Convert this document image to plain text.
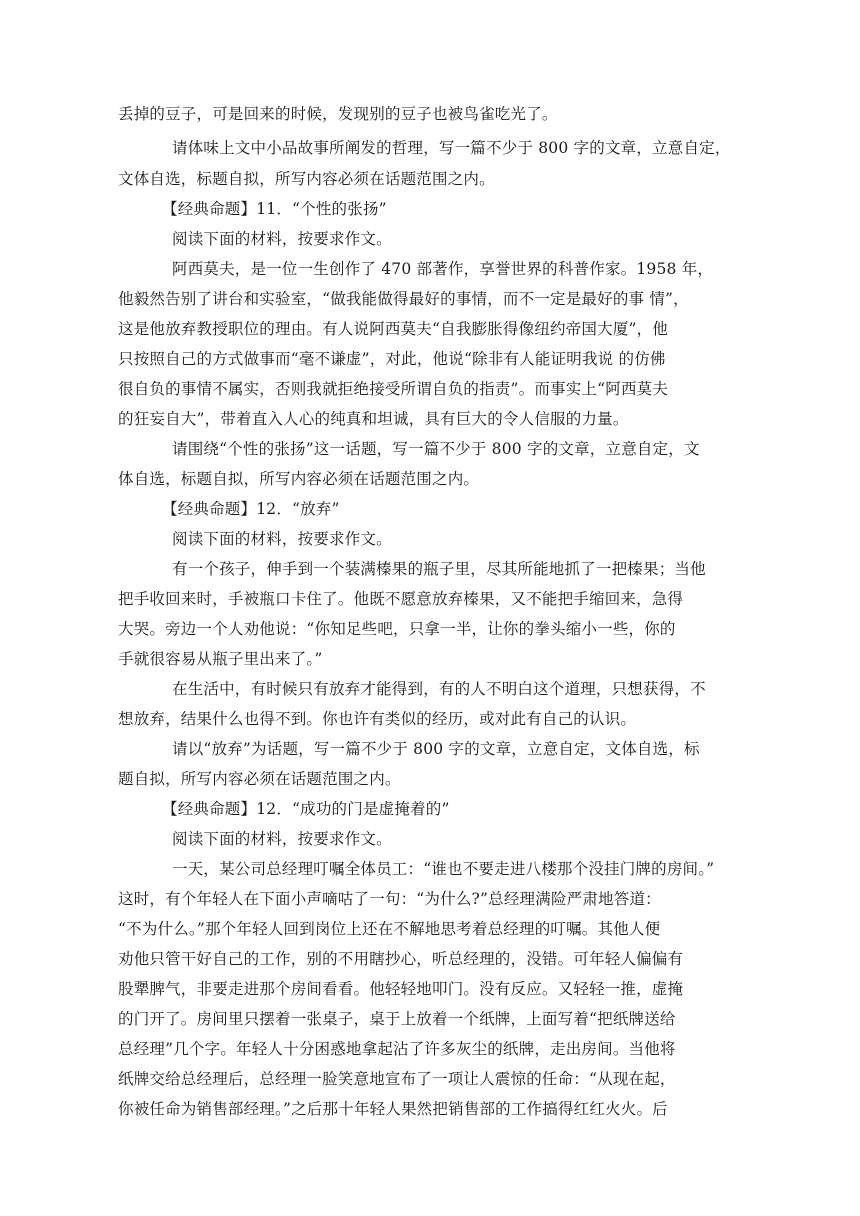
丢掉的豆子，可是回来的时候，发现别的豆子也被鸟雀吃光了。
请体味上文中小品故事所阐发的哲理，写一篇不少于 800 字的文章，立意自定，
文体自选，标题自拟，所写内容必须在话题范围之内。
【经典命题】11．“个性的张扬”
阅读下面的材料，按要求作文。
阿西莫夫，是一位一生创作了 470 部著作，享誉世界的科普作家。1958 年，
他毅然告别了讲台和实验室，“做我能做得最好的事情，而不一定是最好的事 情”，
这是他放弃教授职位的理由。有人说阿西莫夫“自我膨胀得像纽约帝国大厦”，他
只按照自己的方式做事而“毫不谦虚”，对此，他说“除非有人能证明我说 的仿佛
很自负的事情不属实，否则我就拒绝接受所谓自负的指责”。而事实上“阿西莫夫
的狂妄自大”，带着直入人心的纯真和坦诚，具有巨大的令人信服的力量。
请围绕“个性的张扬”这一话题，写一篇不少于 800 字的文章，立意自定，文
体自选，标题自拟，所写内容必须在话题范围之内。
【经典命题】12．“放弃”
阅读下面的材料，按要求作文。
有一个孩子，伸手到一个装满榛果的瓶子里，尽其所能地抓了一把榛果；当他
把手收回来时，手被瓶口卡住了。他既不愿意放弃榛果，又不能把手缩回来，急得
大哭。旁边一个人劝他说：“你知足些吧，只拿一半，让你的拳头缩小一些，你的
手就很容易从瓶子里出来了。”
在生活中，有时候只有放弃才能得到，有的人不明白这个道理，只想获得，不
想放弃，结果什么也得不到。你也许有类似的经历，或对此有自己的认识。
请以“放弃”为话题，写一篇不少于 800 字的文章，立意自定，文体自选，标
题自拟，所写内容必须在话题范围之内。
【经典命题】12．“成功的门是虚掩着的”
阅读下面的材料，按要求作文。
一天，某公司总经理叮嘱全体员工：“谁也不要走进八楼那个没挂门牌的房间。”
这时，有个年轻人在下面小声嘀咕了一句：“为什么?”总经理满险严肃地答道：
“不为什么。”那个年轻人回到岗位上还在不解地思考着总经理的叮嘱。其他人便
劝他只管干好自己的工作，别的不用瞎抄心，听总经理的，没错。可年轻人偏偏有
股犟脾气，非要走进那个房间看看。他轻轻地叩门。没有反应。又轻轻一推，虚掩
的门开了。房间里只摆着一张桌子，桌于上放着一个纸牌，上面写着“把纸牌送给
总经理”几个字。年轻人十分困惑地拿起沾了许多灰尘的纸牌，走出房间。当他将
纸牌交给总经理后，总经理一脸笑意地宣布了一项让人震惊的任命：“从现在起，
你被任命为销售部经理。”之后那十年轻人果然把销售部的工作搞得红红火火。后
